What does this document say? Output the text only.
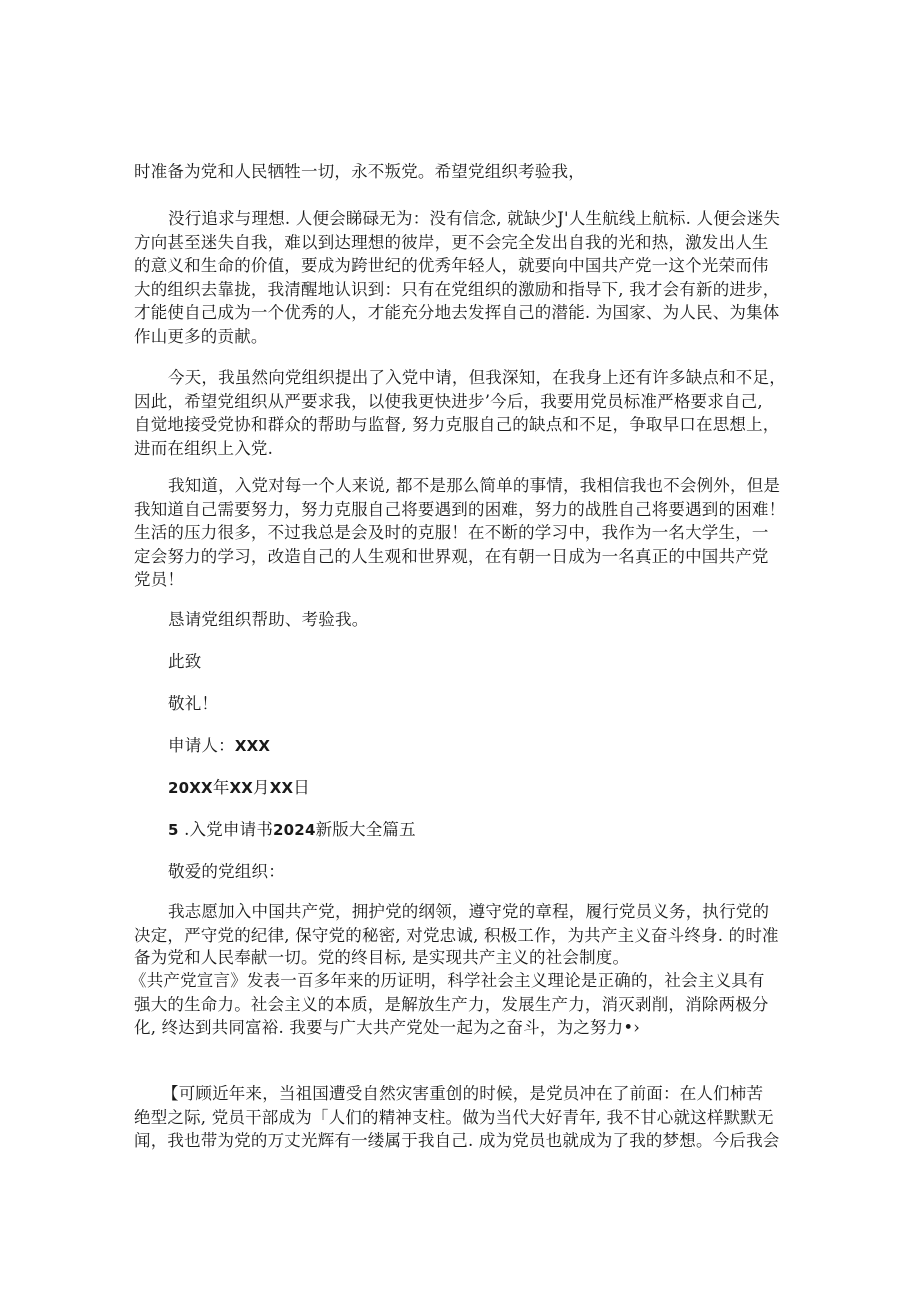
时准备为党和人民牺牲一切，永不叛党。希望党组织考验我，
没行追求与理想. 人便会睇碌无为：没有信念, 就缺少J'人生航线上航标. 人便会迷失
方向甚至迷失自我，难以到达理想的彼岸，更不会完全发出自我的光和热，激发出人生
的意义和生命的价值，要成为跨世纪的优秀年轻人，就要向中国共产党一这个光荣而伟
大的组织去靠拢，我清醒地认识到：只有在党组织的激励和指导下, 我才会有新的进步，
才能使自己成为一个优秀的人，才能充分地去发挥自己的潜能. 为国家、为人民、为集体
作山更多的贡献。
今天，我虽然向党组织提出了入党中请，但我深知，在我身上还有许多缺点和不足，
因此，希望党组织从严要求我，以使我更快进步’今后，我要用党员标准严格要求自己,
自觉地接受党协和群众的帮助与监督, 努力克服自己的缺点和不足，争取早口在思想上，
进而在组织上入党.
我知道，入党对每一个人来说, 都不是那么简单的事情，我相信我也不会例外，但是
我知道自己需要努力，努力克服自己将要遇到的困难，努力的战胜自己将要遇到的困难！
生活的压力很多，不过我总是会及时的克服！在不断的学习中，我作为一名大学生，一
定会努力的学习，改造自己的人生观和世界观，在有朝一日成为一名真正的中国共产党
党员！
恳请党组织帮助、考验我。
此致
敬礼！
申请人：XXX
20XX年XX月XX日
5 .入党申请书2024新版大全篇五
敬爱的党组织：
我志愿加入中国共产党，拥护党的纲领，遵守党的章程，履行党员义务，执行党的
决定，严守党的纪律, 保守党的秘密, 对党忠诚, 积极工作，为共产主义奋斗终身. 的时准
备为党和人民奉献一切。党的终目标, 是实现共产主义的社会制度。
《共产党宣言》发表一百多年来的历证明，科学社会主义理论是正确的，社会主义具有
强大的生命力。社会主义的本质，是解放生产力，发展生产力，消灭剥削，消除两极分
化, 终达到共同富裕. 我要与广大共产党处一起为之奋斗，为之努力•›
【可顾近年来，当祖国遭受自然灾害重创的时候，是党员冲在了前面：在人们柿苦
绝型之际, 党员干部成为「人们的精神支柱。做为当代大好青年, 我不甘心就这样默默无
闻，我也带为党的万丈光辉有一缕属于我自己. 成为党员也就成为了我的梦想。今后我会
